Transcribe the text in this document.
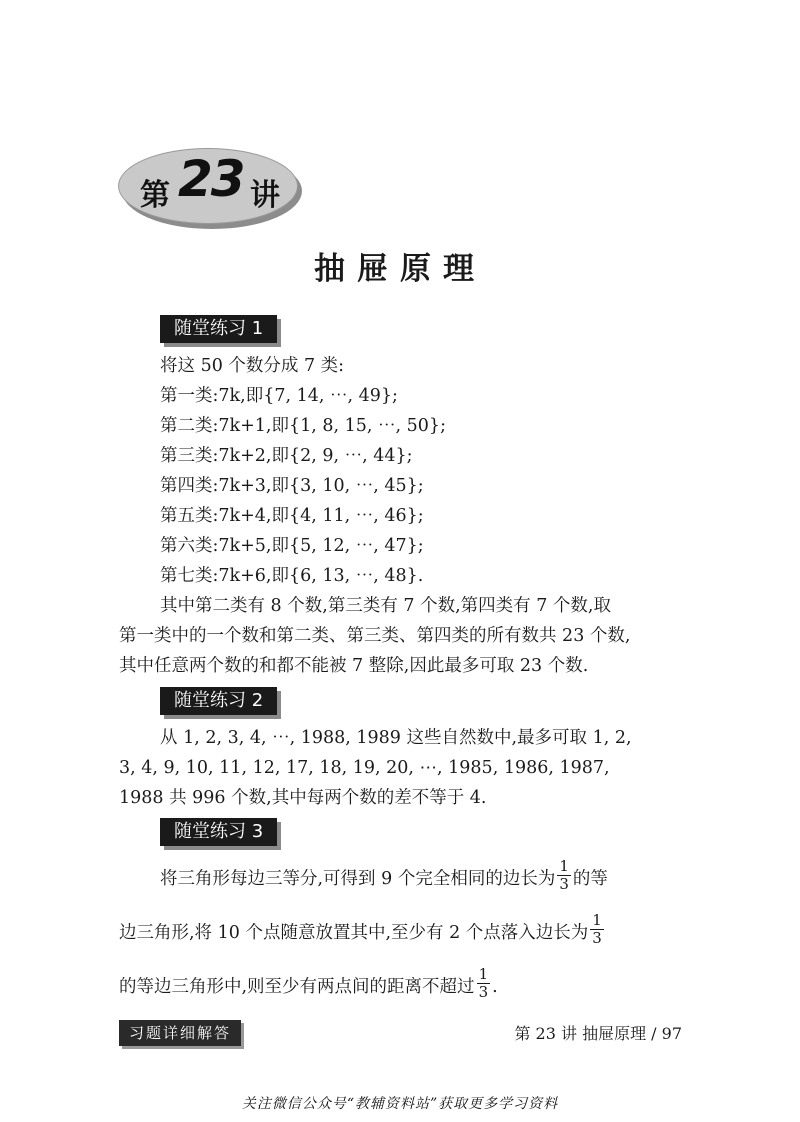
第 23 讲
抽屉原理
随堂练习 1
将这 50 个数分成 7 类:
第一类:7k,即{7, 14, ⋯, 49};
第二类:7k+1,即{1, 8, 15, ⋯, 50};
第三类:7k+2,即{2, 9, ⋯, 44};
第四类:7k+3,即{3, 10, ⋯, 45};
第五类:7k+4,即{4, 11, ⋯, 46};
第六类:7k+5,即{5, 12, ⋯, 47};
第七类:7k+6,即{6, 13, ⋯, 48}.
其中第二类有 8 个数,第三类有 7 个数,第四类有 7 个数,取
第一类中的一个数和第二类、第三类、第四类的所有数共 23 个数,
其中任意两个数的和都不能被 7 整除,因此最多可取 23 个数.
随堂练习 2
从 1, 2, 3, 4, ⋯, 1988, 1989 这些自然数中,最多可取 1, 2,
3, 4, 9, 10, 11, 12, 17, 18, 19, 20, ⋯, 1985, 1986, 1987,
1988 共 996 个数,其中每两个数的差不等于 4.
随堂练习 3
将三角形每边三等分,可得到 9 个完全相同的边长为 $\frac{1}{3}$ 的等
边三角形,将 10 个点随意放置其中,至少有 2 个点落入边长为 $\frac{1}{3}$
的等边三角形中,则至少有两点间的距离不超过 $\frac{1}{3}$ .
习题详细解答	第 23 讲 抽屉原理 / 97
关注微信公众号“教辅资料站”获取更多学习资料
